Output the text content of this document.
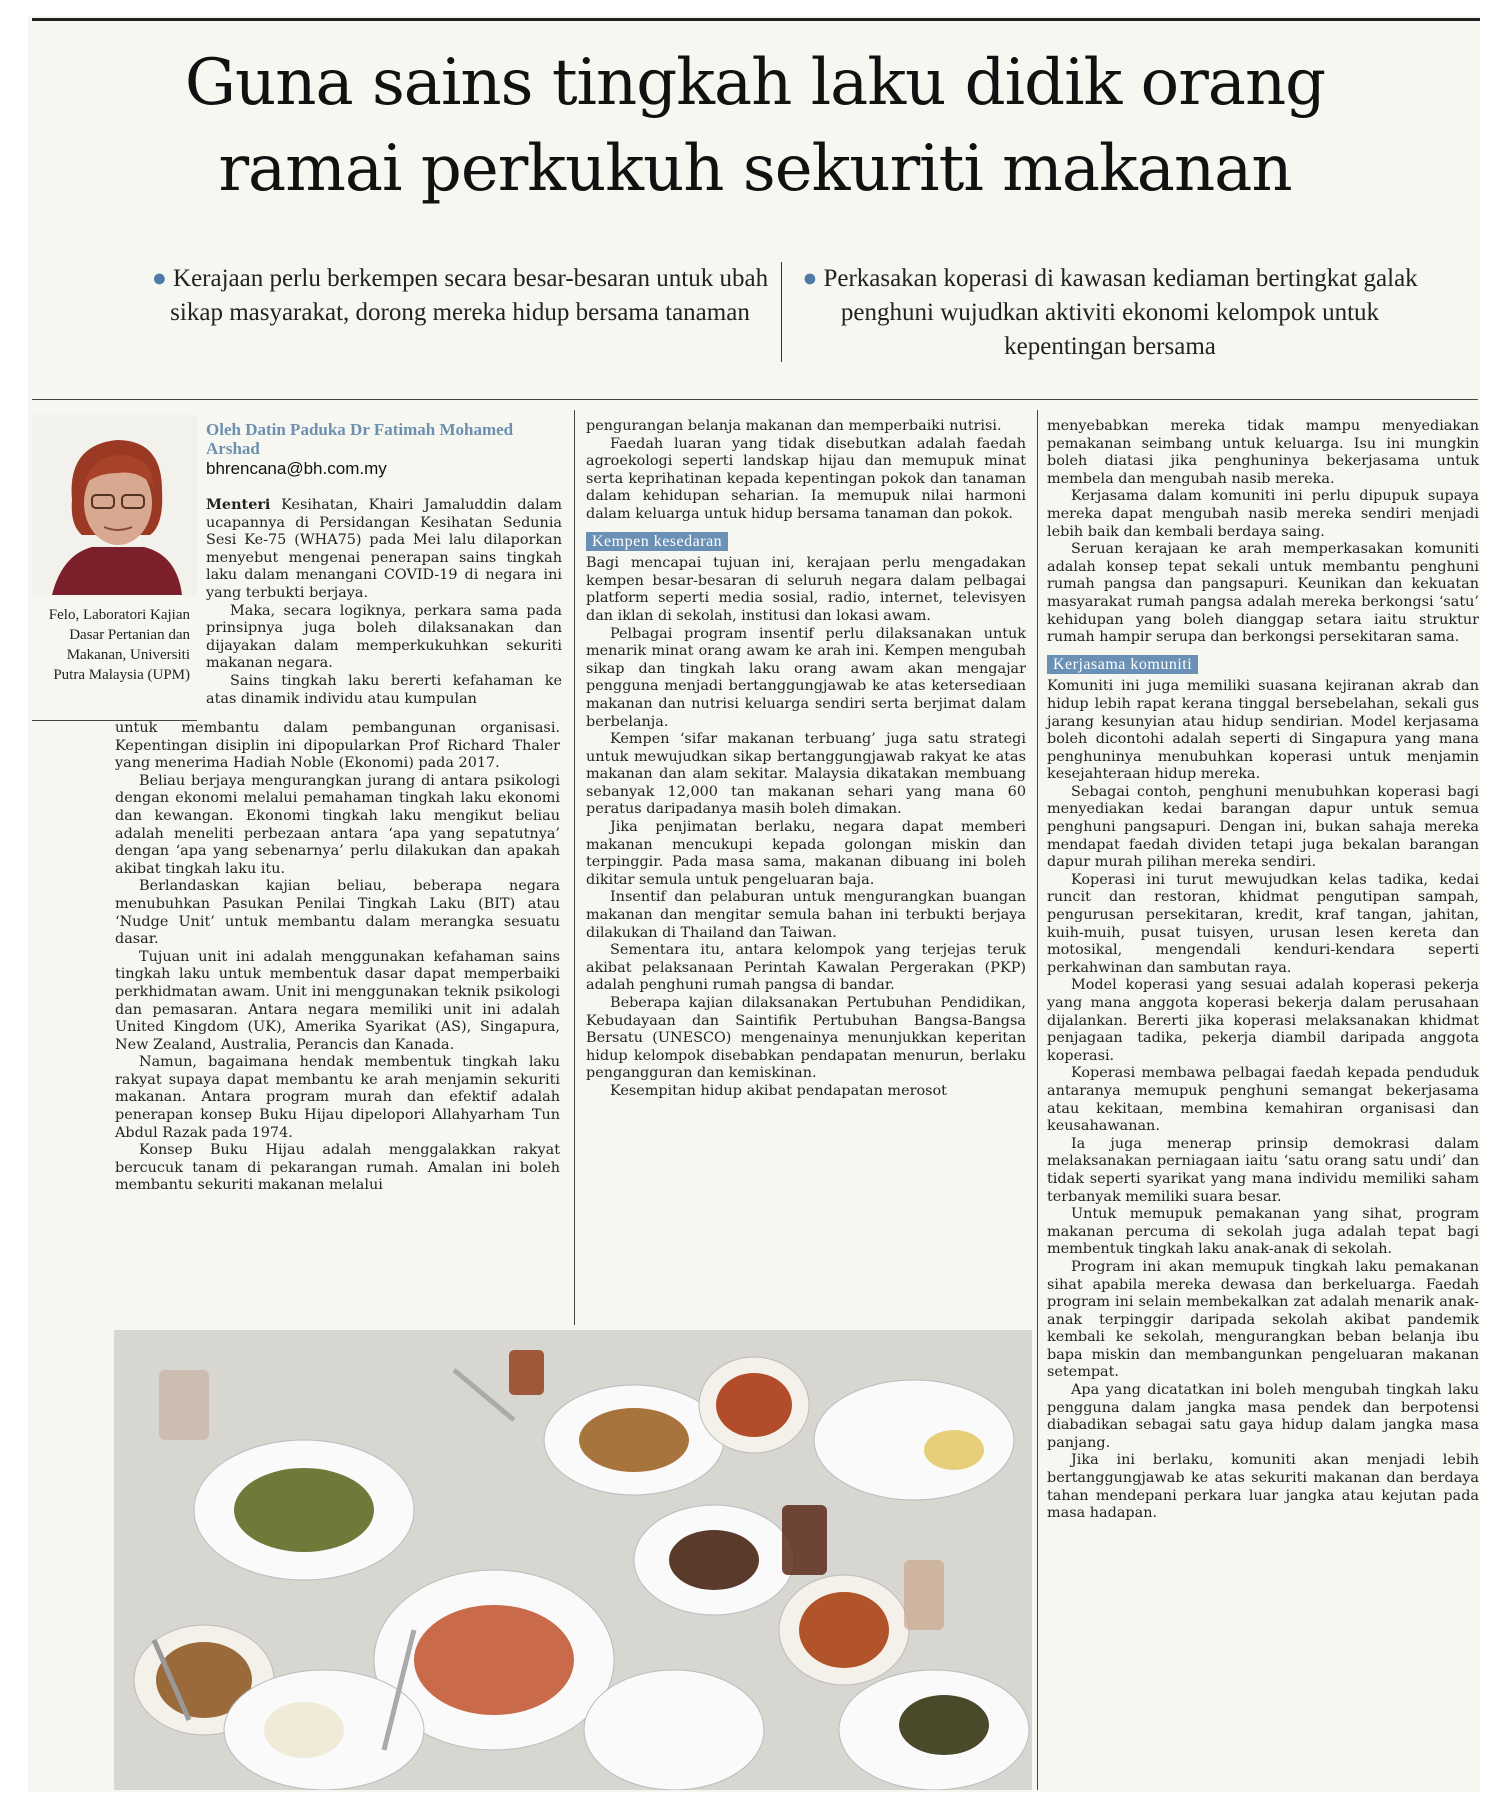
Guna sains tingkah laku didik orang
ramai perkukuh sekuriti makanan
● Kerajaan perlu berkempen secara besar-besaran untuk ubah sikap masyarakat, dorong mereka hidup bersama tanaman
● Perkasakan koperasi di kawasan kediaman bertingkat galak penghuni wujudkan aktiviti ekonomi kelompok untuk kepentingan bersama
Oleh Datin Paduka Dr Fatimah Mohamed Arshad
bhrencana@bh.com.my
Felo, Laboratori Kajian Dasar Pertanian dan Makanan, Universiti Putra Malaysia (UPM)

Menteri Kesihatan, Khairi Jamaluddin dalam ucapannya di Persidangan Kesihatan Sedunia Sesi Ke-75 (WHA75) pada Mei lalu dilaporkan menyebut mengenai penerapan sains tingkah laku dalam menangani COVID-19 di negara ini yang terbukti berjaya.

Maka, secara logiknya, perkara sama pada prinsipnya juga boleh dilaksanakan dan dijayakan dalam memperkukuhkan sekuriti makanan negara.

Sains tingkah laku bererti kefahaman ke atas dinamik individu atau kumpulan

untuk membantu dalam pembangunan organisasi. Kepentingan disiplin ini dipopularkan Prof Richard Thaler yang menerima Hadiah Noble (Ekonomi) pada 2017.

Beliau berjaya mengurangkan jurang di antara psikologi dengan ekonomi melalui pemahaman tingkah laku ekonomi dan kewangan. Ekonomi tingkah laku mengikut beliau adalah meneliti perbezaan antara ‘apa yang sepatutnya’ dengan ‘apa yang sebenarnya’ perlu dilakukan dan apakah akibat tingkah laku itu.

Berlandaskan kajian beliau, beberapa negara menubuhkan Pasukan Penilai Tingkah Laku (BIT) atau ‘Nudge Unit’ untuk membantu dalam merangka sesuatu dasar.

Tujuan unit ini adalah menggunakan kefahaman sains tingkah laku untuk membentuk dasar dapat memperbaiki perkhidmatan awam. Unit ini menggunakan teknik psikologi dan pemasaran. Antara negara memiliki unit ini adalah United Kingdom (UK), Amerika Syarikat (AS), Singapura, New Zealand, Australia, Perancis dan Kanada.

Namun, bagaimana hendak membentuk tingkah laku rakyat supaya dapat membantu ke arah menjamin sekuriti makanan. Antara program murah dan efektif adalah penerapan konsep Buku Hijau dipelopori Allahyarham Tun Abdul Razak pada 1974.

Konsep Buku Hijau adalah menggalakkan rakyat bercucuk tanam di pekarangan rumah. Amalan ini boleh membantu sekuriti makanan melalui

pengurangan belanja makanan dan memperbaiki nutrisi.

Faedah luaran yang tidak disebutkan adalah faedah agroekologi seperti landskap hijau dan memupuk minat serta keprihatinan kepada kepentingan pokok dan tanaman dalam kehidupan seharian. Ia memupuk nilai harmoni dalam keluarga untuk hidup bersama tanaman dan pokok.

Kempen kesedaran

Bagi mencapai tujuan ini, kerajaan perlu mengadakan kempen besar-besaran di seluruh negara dalam pelbagai platform seperti media sosial, radio, internet, televisyen dan iklan di sekolah, institusi dan lokasi awam.

Pelbagai program insentif perlu dilaksanakan untuk menarik minat orang awam ke arah ini. Kempen mengubah sikap dan tingkah laku orang awam akan mengajar pengguna menjadi bertanggungjawab ke atas ketersediaan makanan dan nutrisi keluarga sendiri serta berjimat dalam berbelanja.

Kempen ‘sifar makanan terbuang’ juga satu strategi untuk mewujudkan sikap bertanggungjawab rakyat ke atas makanan dan alam sekitar. Malaysia dikatakan membuang sebanyak 12,000 tan makanan sehari yang mana 60 peratus daripadanya masih boleh dimakan.

Jika penjimatan berlaku, negara dapat memberi makanan mencukupi kepada golongan miskin dan terpinggir. Pada masa sama, makanan dibuang ini boleh dikitar semula untuk pengeluaran baja.

Insentif dan pelaburan untuk mengurangkan buangan makanan dan mengitar semula bahan ini terbukti berjaya dilakukan di Thailand dan Taiwan.

Sementara itu, antara kelompok yang terjejas teruk akibat pelaksanaan Perintah Kawalan Pergerakan (PKP) adalah penghuni rumah pangsa di bandar.

Beberapa kajian dilaksanakan Pertubuhan Pendidikan, Kebudayaan dan Saintifik Pertubuhan Bangsa-Bangsa Bersatu (UNESCO) mengenainya menunjukkan keperitan hidup kelompok disebabkan pendapatan menurun, berlaku pengangguran dan kemiskinan.

Kesempitan hidup akibat pendapatan merosot

menyebabkan mereka tidak mampu menyediakan pemakanan seimbang untuk keluarga. Isu ini mungkin boleh diatasi jika penghuninya bekerjasama untuk membela dan mengubah nasib mereka.

Kerjasama dalam komuniti ini perlu dipupuk supaya mereka dapat mengubah nasib mereka sendiri menjadi lebih baik dan kembali berdaya saing.

Seruan kerajaan ke arah memperkasakan komuniti adalah konsep tepat sekali untuk membantu penghuni rumah pangsa dan pangsapuri. Keunikan dan kekuatan masyarakat rumah pangsa adalah mereka berkongsi ‘satu’ kehidupan yang boleh dianggap setara iaitu struktur rumah hampir serupa dan berkongsi persekitaran sama.

Kerjasama komuniti

Komuniti ini juga memiliki suasana kejiranan akrab dan hidup lebih rapat kerana tinggal bersebelahan, sekali gus jarang kesunyian atau hidup sendirian. Model kerjasama boleh dicontohi adalah seperti di Singapura yang mana penghuninya menubuhkan koperasi untuk menjamin kesejahteraan hidup mereka.

Sebagai contoh, penghuni menubuhkan koperasi bagi menyediakan kedai barangan dapur untuk semua penghuni pangsapuri. Dengan ini, bukan sahaja mereka mendapat faedah dividen tetapi juga bekalan barangan dapur murah pilihan mereka sendiri.

Koperasi ini turut mewujudkan kelas tadika, kedai runcit dan restoran, khidmat pengutipan sampah, pengurusan persekitaran, kredit, kraf tangan, jahitan, kuih-muih, pusat tuisyen, urusan lesen kereta dan motosikal, mengendali kenduri-kendara seperti perkahwinan dan sambutan raya.

Model koperasi yang sesuai adalah koperasi pekerja yang mana anggota koperasi bekerja dalam perusahaan dijalankan. Bererti jika koperasi melaksanakan khidmat penjagaan tadika, pekerja diambil daripada anggota koperasi.

Koperasi membawa pelbagai faedah kepada penduduk antaranya memupuk penghuni semangat bekerjasama atau kekitaan, membina kemahiran organisasi dan keusahawanan.

Ia juga menerap prinsip demokrasi dalam melaksanakan perniagaan iaitu ‘satu orang satu undi’ dan tidak seperti syarikat yang mana individu memiliki saham terbanyak memiliki suara besar.

Untuk memupuk pemakanan yang sihat, program makanan percuma di sekolah juga adalah tepat bagi membentuk tingkah laku anak-anak di sekolah.

Program ini akan memupuk tingkah laku pemakanan sihat apabila mereka dewasa dan berkeluarga. Faedah program ini selain membekalkan zat adalah menarik anak-anak terpinggir daripada sekolah akibat pandemik kembali ke sekolah, mengurangkan beban belanja ibu bapa miskin dan membangunkan pengeluaran makanan setempat.

Apa yang dicatatkan ini boleh mengubah tingkah laku pengguna dalam jangka masa pendek dan berpotensi diabadikan sebagai satu gaya hidup dalam jangka masa panjang.

Jika ini berlaku, komuniti akan menjadi lebih bertanggungjawab ke atas sekuriti makanan dan berdaya tahan mendepani perkara luar jangka atau kejutan pada masa hadapan.
